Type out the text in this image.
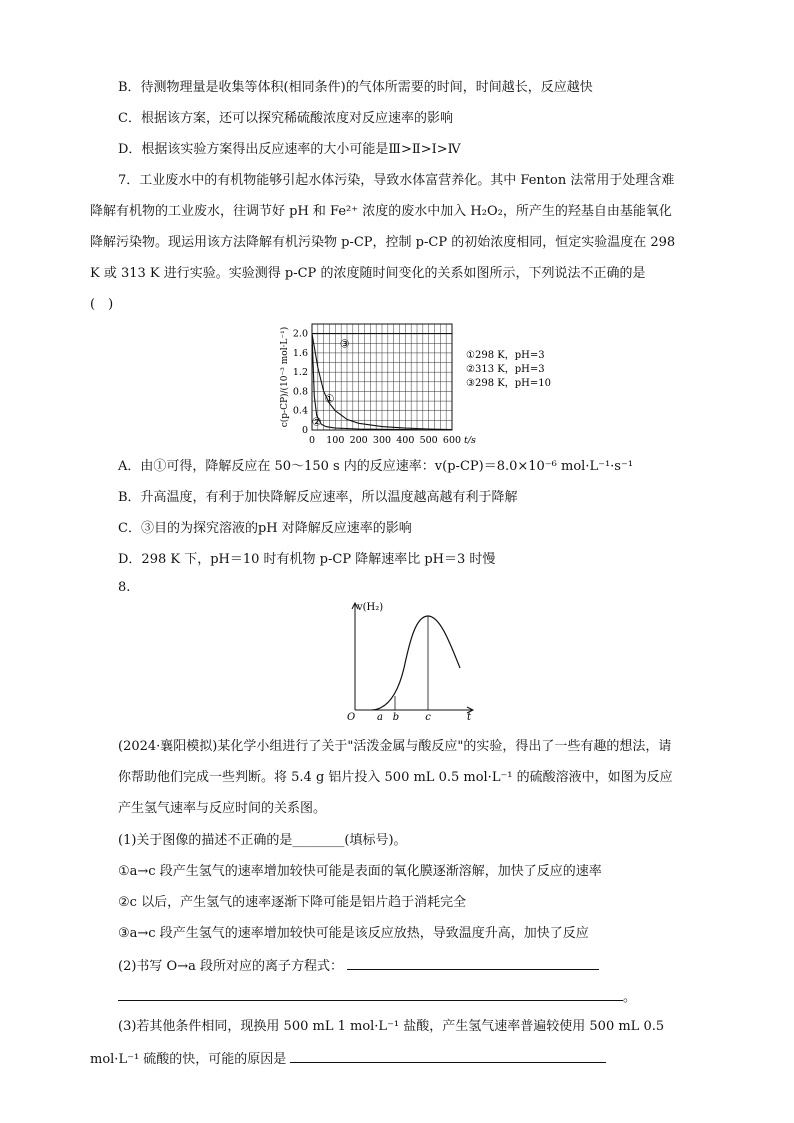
B．待测物理量是收集等体积(相同条件)的气体所需要的时间，时间越长，反应越快
C．根据该方案，还可以探究稀硫酸浓度对反应速率的影响
D．根据该实验方案得出反应速率的大小可能是Ⅲ>Ⅱ>Ⅰ>Ⅳ
7．工业废水中的有机物能够引起水体污染，导致水体富营养化。其中 Fenton 法常用于处理含难
降解有机物的工业废水，往调节好 pH 和 Fe²⁺ 浓度的废水中加入 H₂O₂，所产生的羟基自由基能氧化
降解污染物。现运用该方法降解有机污染物 p-CP，控制 p-CP 的初始浓度相同，恒定实验温度在 298
K 或 313 K 进行实验。实验测得 p-CP 的浓度随时间变化的关系如图所示，下列说法不正确的是
(　)
0 100 200 300 400 500 600 t/s
0
0.4
0.8
1.2
1.6
2.0
c(p-CP)/(10⁻³ mol·L⁻¹)	①
②
③
①298 K，pH=3
②313 K，pH=3
③298 K，pH=10
A．由①可得，降解反应在 50～150 s 内的反应速率：v(p-CP)＝8.0×10⁻⁶ mol·L⁻¹·s⁻¹
B．升高温度，有利于加快降解反应速率，所以温度越高越有利于降解
C．③目的为探究溶液的pH 对降解反应速率的影响
D．298 K 下，pH＝10 时有机物 p-CP 降解速率比 pH＝3 时慢
8.
v(H₂)
O	t
a b	c
(2024·襄阳模拟)某化学小组进行了关于"活泼金属与酸反应"的实验，得出了一些有趣的想法，请你帮助他们完成一些判断。将 5.4 g 铝片投入 500 mL 0.5 mol·L⁻¹ 的硫酸溶液中，如图为反应产生氢气速率与反应时间的关系图。
(1)关于图像的描述不正确的是________(填标号)。
①a→c 段产生氢气的速率增加较快可能是表面的氧化膜逐渐溶解，加快了反应的速率
②c 以后，产生氢气的速率逐渐下降可能是铝片趋于消耗完全
③a→c 段产生氢气的速率增加较快可能是该反应放热，导致温度升高，加快了反应
(2)书写 O→a 段所对应的离子方程式：
。
(3)若其他条件相同，现换用 500 mL 1 mol·L⁻¹ 盐酸，产生氢气速率普遍较使用 500 mL 0.5
mol·L⁻¹ 硫酸的快，可能的原因是
